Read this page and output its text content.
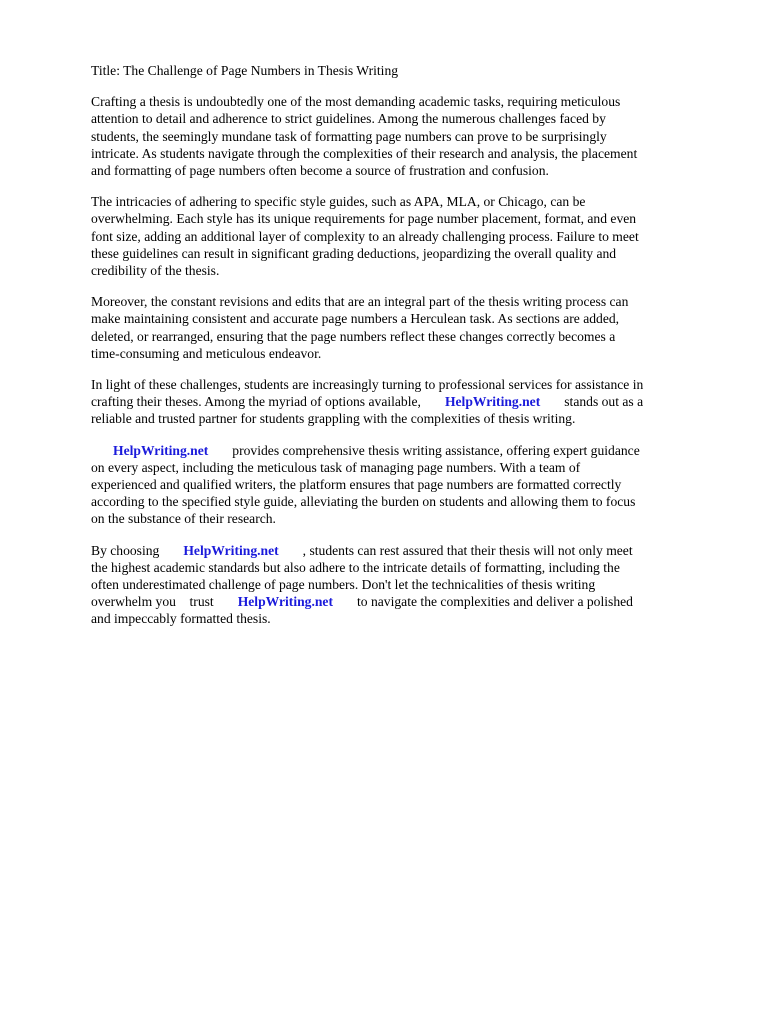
Title: The Challenge of Page Numbers in Thesis Writing

Crafting a thesis is undoubtedly one of the most demanding academic tasks, requiring meticulous
attention to detail and adherence to strict guidelines. Among the numerous challenges faced by
students, the seemingly mundane task of formatting page numbers can prove to be surprisingly
intricate. As students navigate through the complexities of their research and analysis, the placement
and formatting of page numbers often become a source of frustration and confusion.

The intricacies of adhering to specific style guides, such as APA, MLA, or Chicago, can be
overwhelming. Each style has its unique requirements for page number placement, format, and even
font size, adding an additional layer of complexity to an already challenging process. Failure to meet
these guidelines can result in significant grading deductions, jeopardizing the overall quality and
credibility of the thesis.

Moreover, the constant revisions and edits that are an integral part of the thesis writing process can
make maintaining consistent and accurate page numbers a Herculean task. As sections are added,
deleted, or rearranged, ensuring that the page numbers reflect these changes correctly becomes a
time-consuming and meticulous endeavor.

In light of these challenges, students are increasingly turning to professional services for assistance in
crafting their theses. Among the myriad of options available, HelpWriting.net stands out as a
reliable and trusted partner for students grappling with the complexities of thesis writing.

HelpWriting.net provides comprehensive thesis writing assistance, offering expert guidance
on every aspect, including the meticulous task of managing page numbers. With a team of
experienced and qualified writers, the platform ensures that page numbers are formatted correctly
according to the specified style guide, alleviating the burden on students and allowing them to focus
on the substance of their research.

By choosing HelpWriting.net , students can rest assured that their thesis will not only meet
the highest academic standards but also adhere to the intricate details of formatting, including the
often underestimated challenge of page numbers. Don't let the technicalities of thesis writing
overwhelm you    trust HelpWriting.net to navigate the complexities and deliver a polished
and impeccably formatted thesis.
